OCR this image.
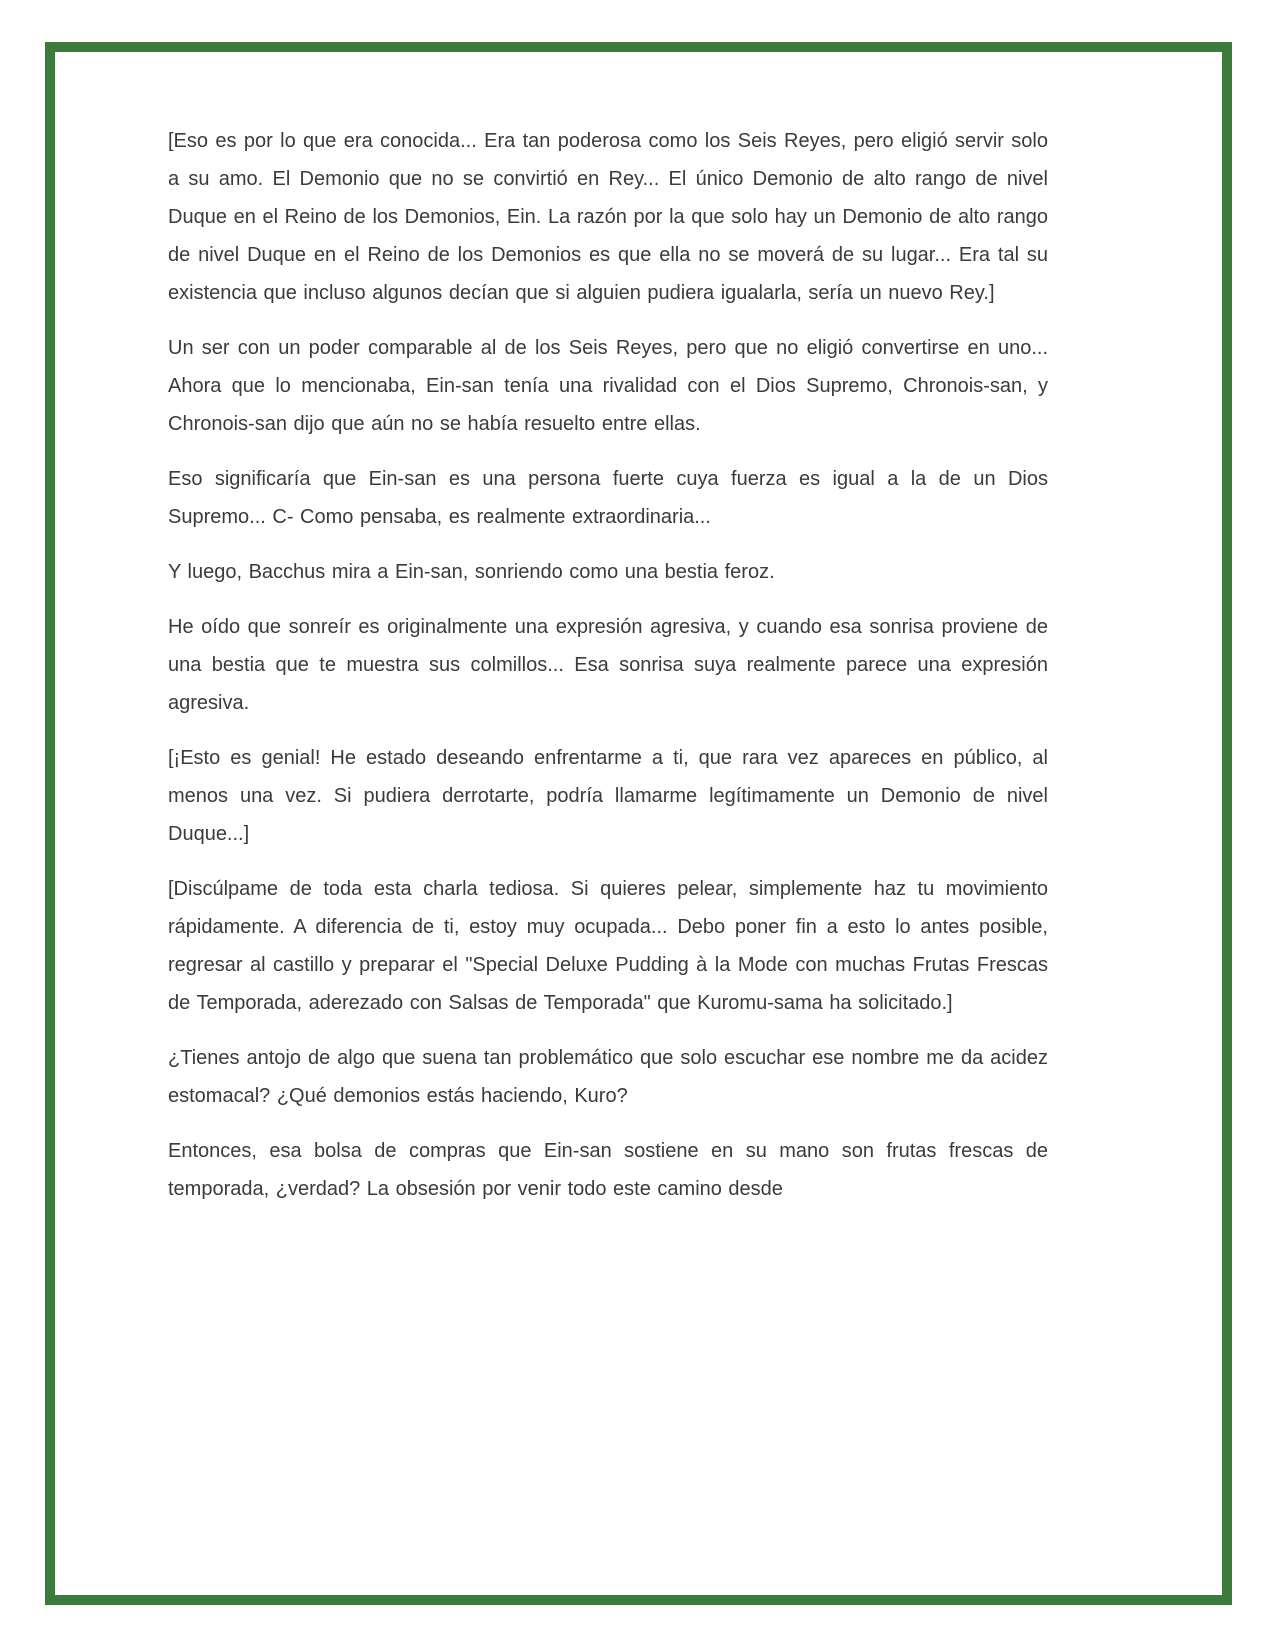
[Eso es por lo que era conocida... Era tan poderosa como los Seis Reyes, pero eligió servir solo a su amo. El Demonio que no se convirtió en Rey... El único Demonio de alto rango de nivel Duque en el Reino de los Demonios, Ein. La razón por la que solo hay un Demonio de alto rango de nivel Duque en el Reino de los Demonios es que ella no se moverá de su lugar... Era tal su existencia que incluso algunos decían que si alguien pudiera igualarla, sería un nuevo Rey.]

Un ser con un poder comparable al de los Seis Reyes, pero que no eligió convertirse en uno... Ahora que lo mencionaba, Ein-san tenía una rivalidad con el Dios Supremo, Chronois-san, y Chronois-san dijo que aún no se había resuelto entre ellas.

Eso significaría que Ein-san es una persona fuerte cuya fuerza es igual a la de un Dios Supremo... C- Como pensaba, es realmente extraordinaria...

Y luego, Bacchus mira a Ein-san, sonriendo como una bestia feroz.

He oído que sonreír es originalmente una expresión agresiva, y cuando esa sonrisa proviene de una bestia que te muestra sus colmillos... Esa sonrisa suya realmente parece una expresión agresiva.

[¡Esto es genial! He estado deseando enfrentarme a ti, que rara vez apareces en público, al menos una vez. Si pudiera derrotarte, podría llamarme legítimamente un Demonio de nivel Duque...]

[Discúlpame de toda esta charla tediosa. Si quieres pelear, simplemente haz tu movimiento rápidamente. A diferencia de ti, estoy muy ocupada... Debo poner fin a esto lo antes posible, regresar al castillo y preparar el "Special Deluxe Pudding à la Mode con muchas Frutas Frescas de Temporada, aderezado con Salsas de Temporada" que Kuromu-sama ha solicitado.]

¿Tienes antojo de algo que suena tan problemático que solo escuchar ese nombre me da acidez estomacal? ¿Qué demonios estás haciendo, Kuro?

Entonces, esa bolsa de compras que Ein-san sostiene en su mano son frutas frescas de temporada, ¿verdad? La obsesión por venir todo este camino desde
